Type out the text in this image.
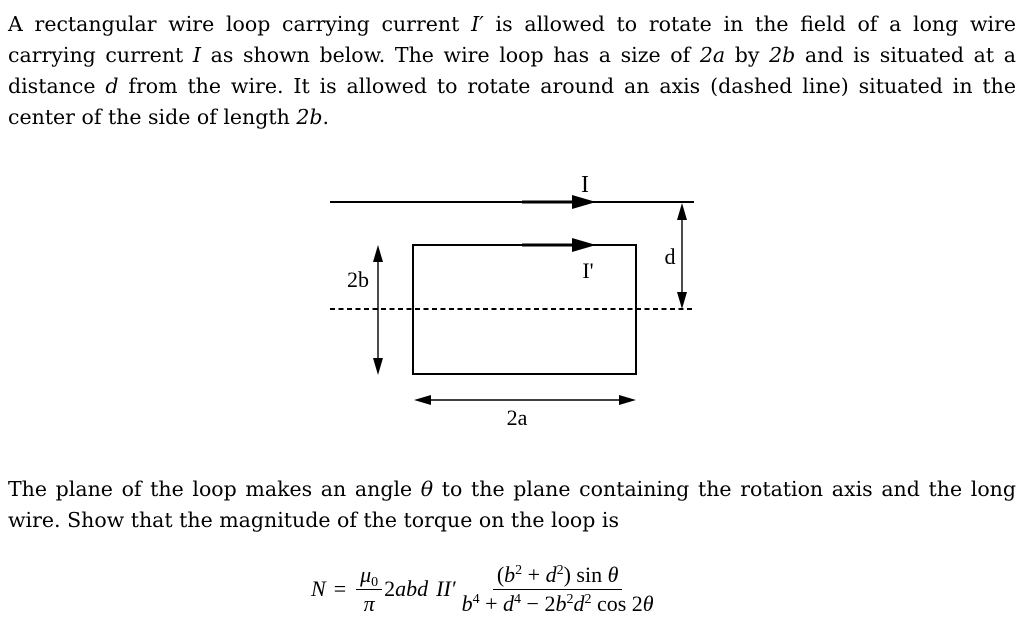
A rectangular wire loop carrying current I′ is allowed to rotate in the field of a long wire carrying current I as shown below. The wire loop has a size of 2a by 2b and is situated at a distance d from the wire. It is allowed to rotate around an axis (dashed line) situated in the center of the side of length 2b.
I
I'
2b
d
2a
The plane of the loop makes an angle θ to the plane containing the rotation axis and the long wire. Show that the magnitude of the torque on the loop is
$N = \frac{\mu_0}{\pi} 2abd$ $II' \frac{(b^2 + d^2) \sin \theta}{b^4 + d^4 - 2b^2d^2 \cos 2\theta}$
